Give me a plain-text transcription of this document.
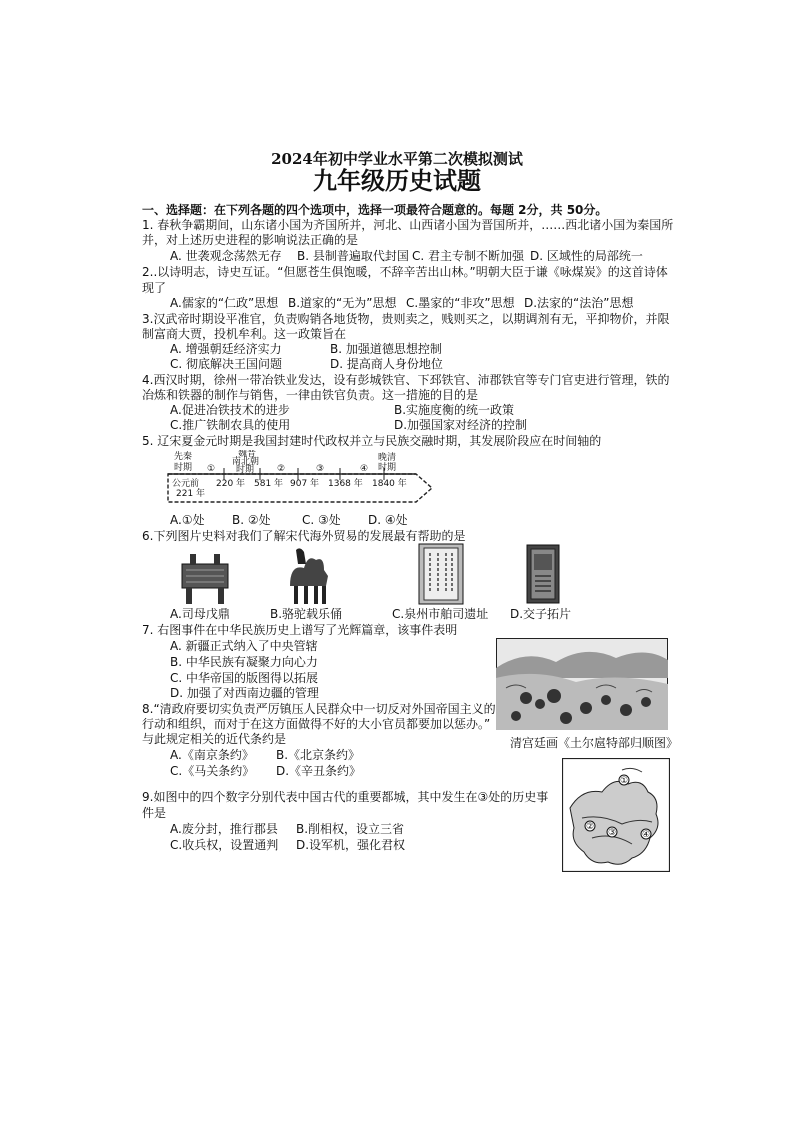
2024年初中学业水平第二次模拟测试
九年级历史试题
一、选择题：在下列各题的四个选项中，选择一项最符合题意的。每题 2分，共 50分。
1. 春秋争霸期间，山东诸小国为齐国所并，河北、山西诸小国为晋国所并，……西北诸小国为秦国所
并，对上述历史进程的影响说法正确的是
A. 世袭观念荡然无存 B. 县制普遍取代封国 C. 君主专制不断加强 D. 区域性的局部统一
2..以诗明志，诗史互证。“但愿苍生俱饱暖，不辞辛苦出山林。”明朝大臣于谦《咏煤炭》的这首诗体
现了
A.儒家的“仁政”思想 B.道家的“无为”思想 C.墨家的“非攻”思想 D.法家的“法治”思想
3.汉武帝时期设平准官，负责购销各地货物，贵则卖之，贱则买之，以期调剂有无，平抑物价，并限
制富商大贾，投机牟利。这一政策旨在
A. 增强朝廷经济实力	B. 加强道德思想控制
C. 彻底解决王国问题	D. 提高商人身份地位
4.西汉时期，徐州一带冶铁业发达，设有彭城铁官、下邳铁官、沛郡铁官等专门官吏进行管理，铁的
冶炼和铁器的制作与销售，一律由铁官负责。这一措施的目的是
A.促进冶铁技术的进步	B.实施度衡的统一政策
C.推广铁制农具的使用	D.加强国家对经济的控制
5. 辽宋夏金元时期是我国封建时代政权并立与民族交融时期，其发展阶段应在时间轴的
先秦
时期
魏晋
南北朝
时期
晚清
时期
①	②	③	④
公元前
221 年
220 年 581 年 907 年 1368 年 1840 年
A.①处 B. ②处	C. ③处 D. ④处
6.下列图片史料对我们了解宋代海外贸易的发展最有帮助的是
A.司母戊鼎	B.骆驼载乐俑	C.泉州市舶司遗址 D.交子拓片
7. 右图事件在中华民族历史上谱写了光辉篇章，该事件表明
A. 新疆正式纳入了中央管辖
B. 中华民族有凝聚力向心力
C. 中华帝国的版图得以拓展
D. 加强了对西南边疆的管理
清宫廷画《土尔扈特部归顺图》
8.“清政府要切实负责严厉镇压人民群众中一切反对外国帝国主义的
行动和组织，而对于在这方面做得不好的大小官员都要加以惩办。”
与此规定相关的近代条约是
A.《南京条约》 B.《北京条约》
C.《马关条约》 D.《辛丑条约》
①
②
③	④
9.如图中的四个数字分别代表中国古代的重要都城，其中发生在③处的历史事
件是
A.废分封，推行郡县 B.削相权，设立三省
C.收兵权，设置通判 D.设军机，强化君权
